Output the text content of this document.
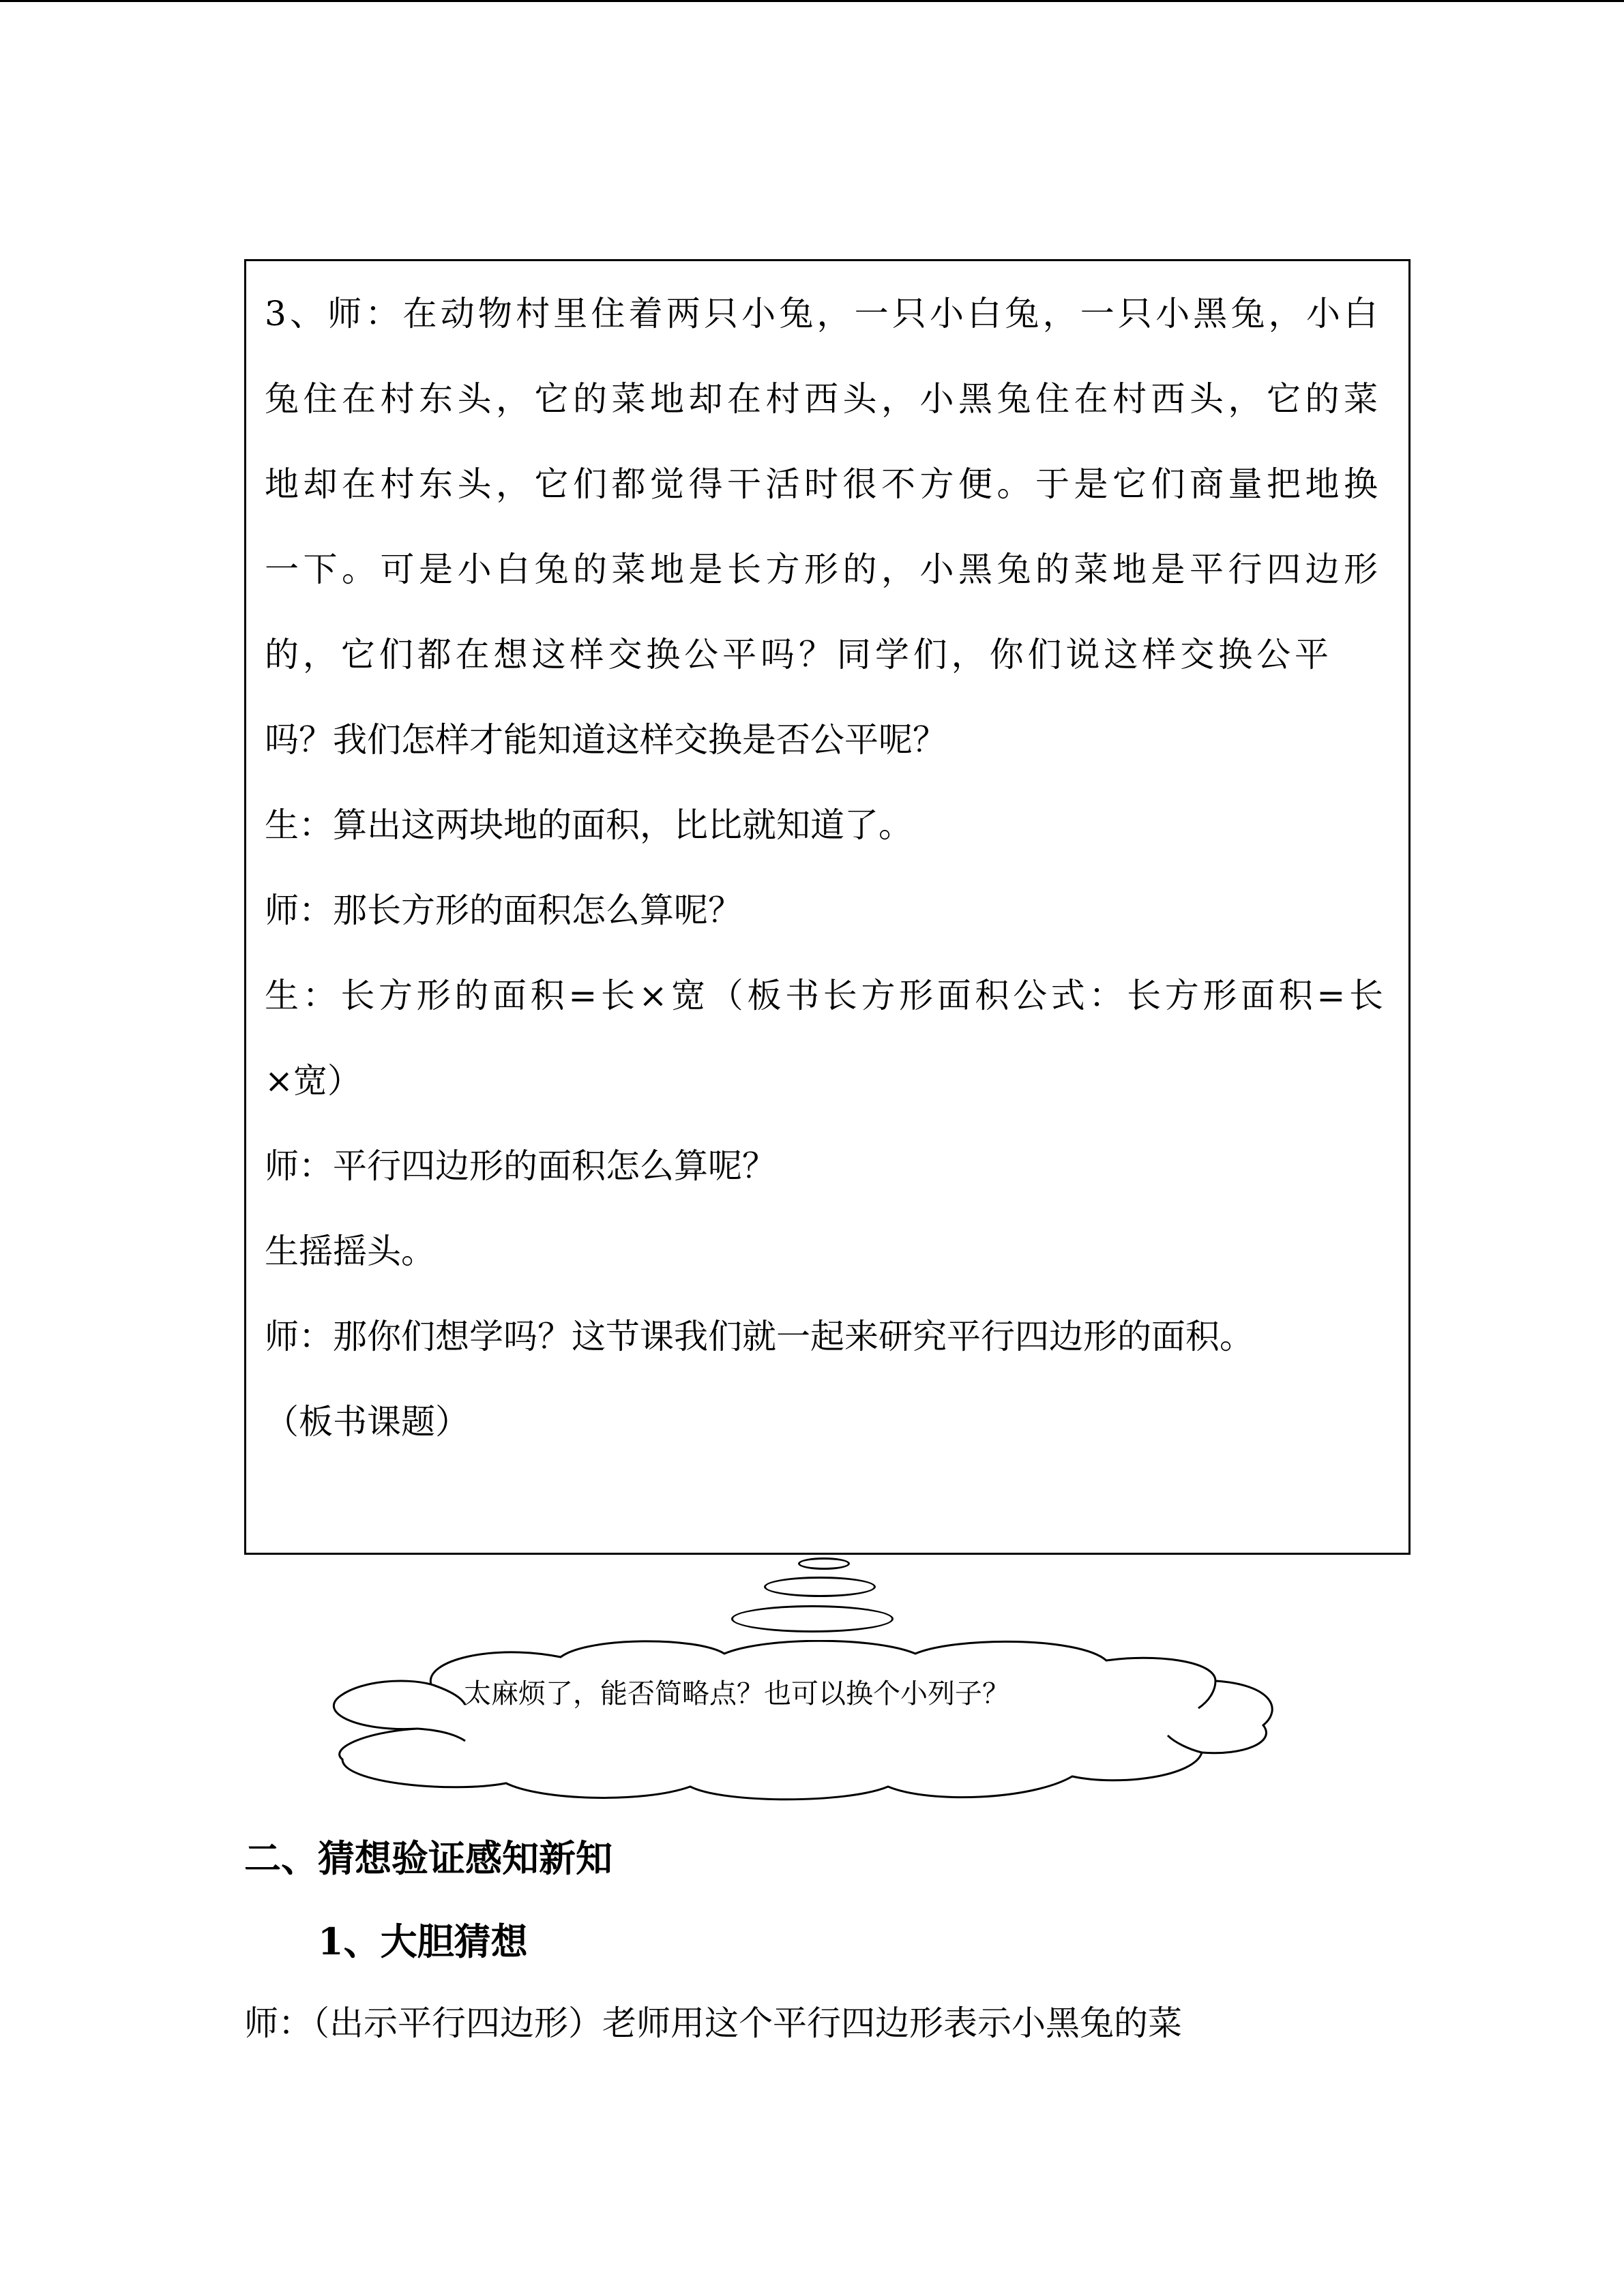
3、师：在动物村里住着两只小兔，一只小白兔，一只小黑兔，小白
兔住在村东头，它的菜地却在村西头，小黑兔住在村西头，它的菜
地却在村东头，它们都觉得干活时很不方便。于是它们商量把地换
一下。可是小白兔的菜地是长方形的，小黑兔的菜地是平行四边形
的，它们都在想这样交换公平吗？同学们，你们说这样交换公平
吗？我们怎样才能知道这样交换是否公平呢？
生：算出这两块地的面积，比比就知道了。
师：那长方形的面积怎么算呢？
生：长方形的面积=长×宽（板书长方形面积公式：长方形面积=长
×宽）
师：平行四边形的面积怎么算呢？
生摇摇头。
师：那你们想学吗？这节课我们就一起来研究平行四边形的面积。
（板书课题）
太麻烦了，能否简略点？也可以换个小列子？
二、猜想验证感知新知
1、大胆猜想
师：（出示平行四边形）老师用这个平行四边形表示小黑兔的菜
